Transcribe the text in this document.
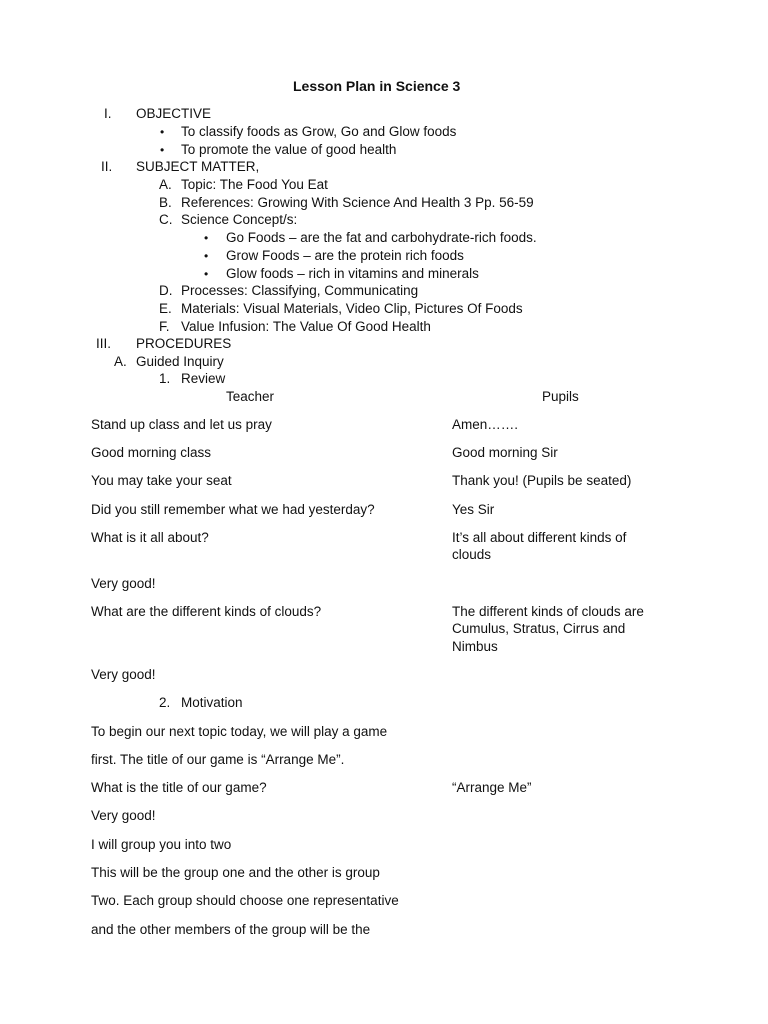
Lesson Plan in Science 3
I. OBJECTIVE
• To classify foods as Grow, Go and Glow foods
• To promote the value of good health
II. SUBJECT MATTER,
A. Topic: The Food You Eat
B. References: Growing With Science And Health 3 Pp. 56-59
C. Science Concept/s:
• Go Foods – are the fat and carbohydrate-rich foods.
• Grow Foods – are the protein rich foods
• Glow foods – rich in vitamins and minerals
D. Processes: Classifying, Communicating
E. Materials: Visual Materials, Video Clip, Pictures Of Foods
F. Value Infusion: The Value Of Good Health
III. PROCEDURES
A. Guided Inquiry
1. Review
Teacher	Pupils
Stand up class and let us pray	Amen…….
Good morning class	Good morning Sir
You may take your seat	Thank you! (Pupils be seated)
Did you still remember what we had yesterday?	Yes Sir
What is it all about?	It’s all about different kinds of
clouds
Very good!
What are the different kinds of clouds?	The different kinds of clouds are
Cumulus, Stratus, Cirrus and
Nimbus
Very good!
2. Motivation
To begin our next topic today, we will play a game
first. The title of our game is “Arrange Me”.
What is the title of our game?	“Arrange Me”
Very good!
I will group you into two
This will be the group one and the other is group
Two. Each group should choose one representative
and the other members of the group will be the
